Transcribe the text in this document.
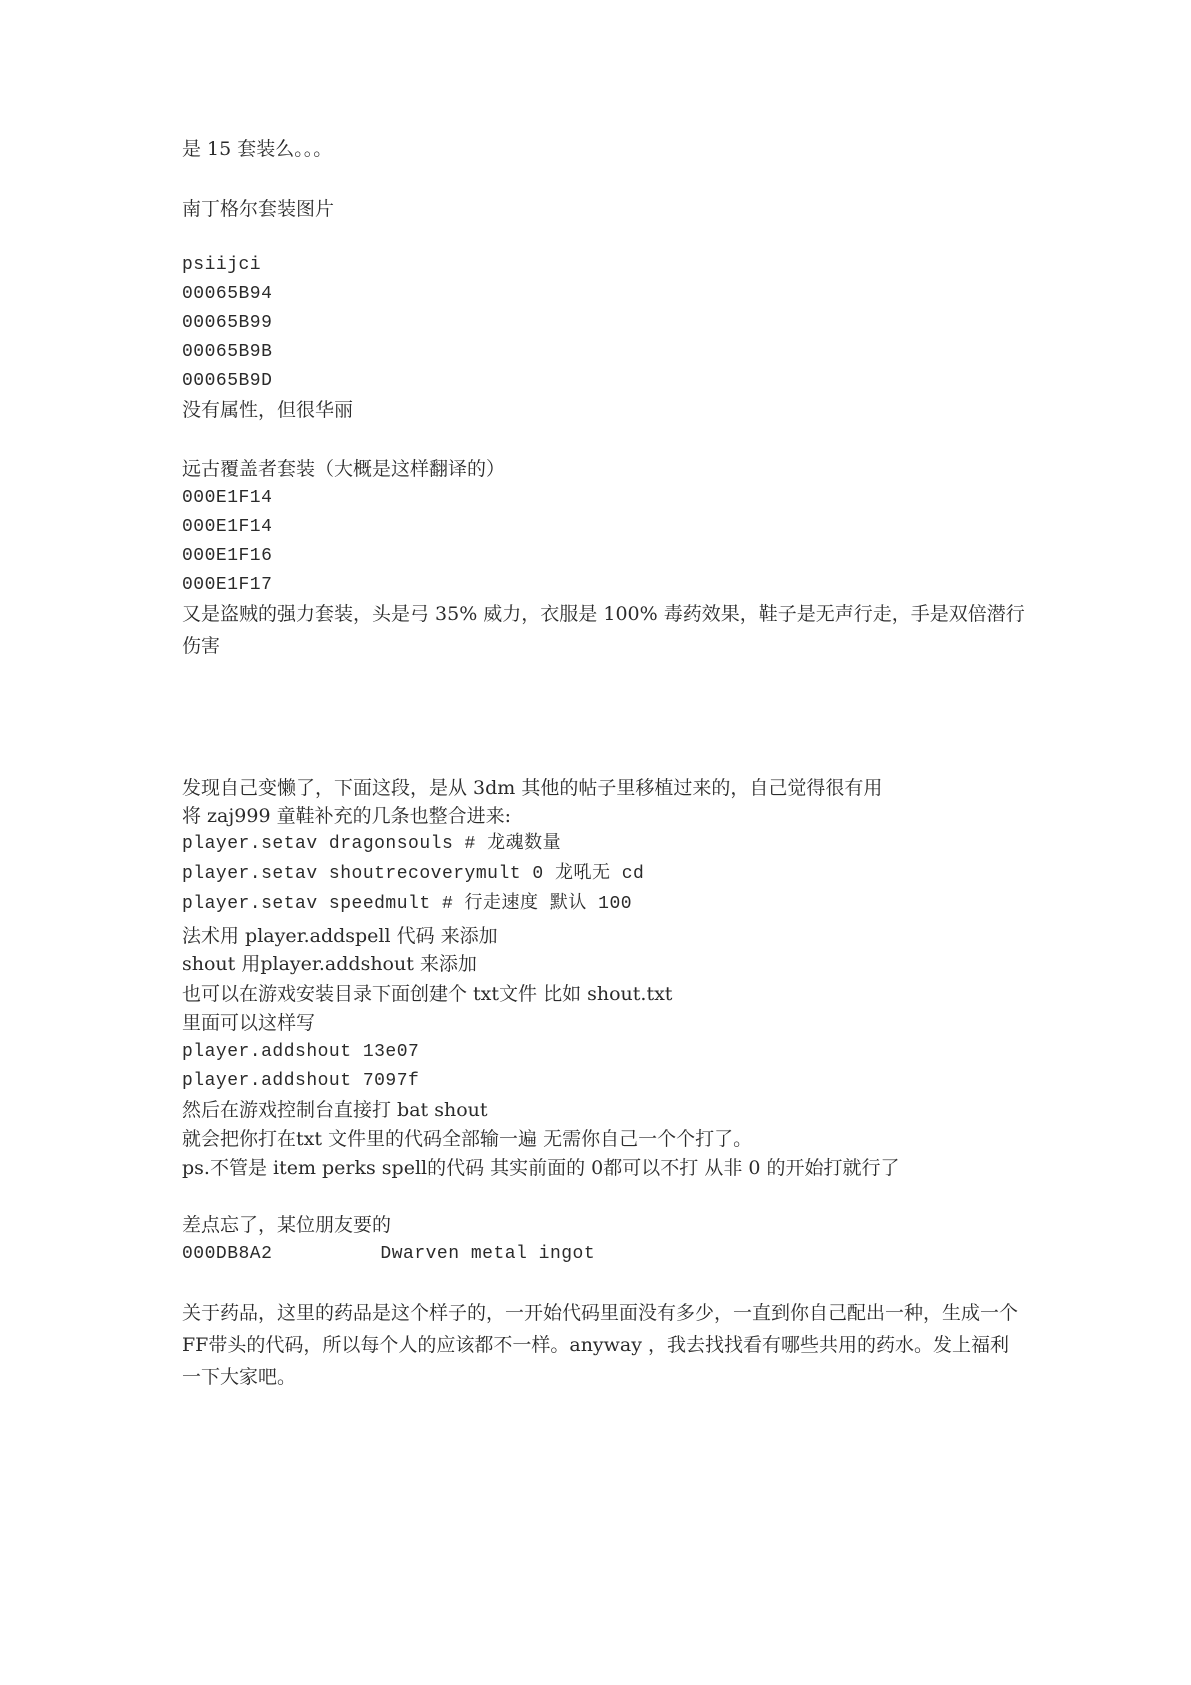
是 15 套装么。。。
南丁格尔套装图片
psiijci
00065B94
00065B99
00065B9B
00065B9D
没有属性，但很华丽
远古覆盖者套装（大概是这样翻译的）
000E1F14
000E1F14
000E1F16
000E1F17
又是盗贼的强力套装，头是弓 35% 威力，衣服是 100% 毒药效果，鞋子是无声行走，手是双倍潜行伤害
发现自己变懒了，下面这段，是从 3dm 其他的帖子里移植过来的，自己觉得很有用
将 zaj999 童鞋补充的几条也整合进来:
player.setav dragonsouls # 龙魂数量
player.setav shoutrecoverymult 0 龙吼无 cd
player.setav speedmult # 行走速度 默认 100
法术用 player.addspell 代码 来添加
shout 用player.addshout 来添加
也可以在游戏安装目录下面创建个 txt文件 比如 shout.txt
里面可以这样写
player.addshout 13e07
player.addshout 7097f
然后在游戏控制台直接打 bat shout
就会把你打在txt 文件里的代码全部输一遍 无需你自己一个个打了。
ps.不管是 item perks spell的代码 其实前面的 0都可以不打 从非 0 的开始打就行了
差点忘了，某位朋友要的
000DB8A2	Dwarven metal ingot
关于药品，这里的药品是这个样子的，一开始代码里面没有多少，一直到你自己配出一种，生成一个 FF带头的代码，所以每个人的应该都不一样。anyway ，我去找找看有哪些共用的药水。发上福利一下大家吧。
